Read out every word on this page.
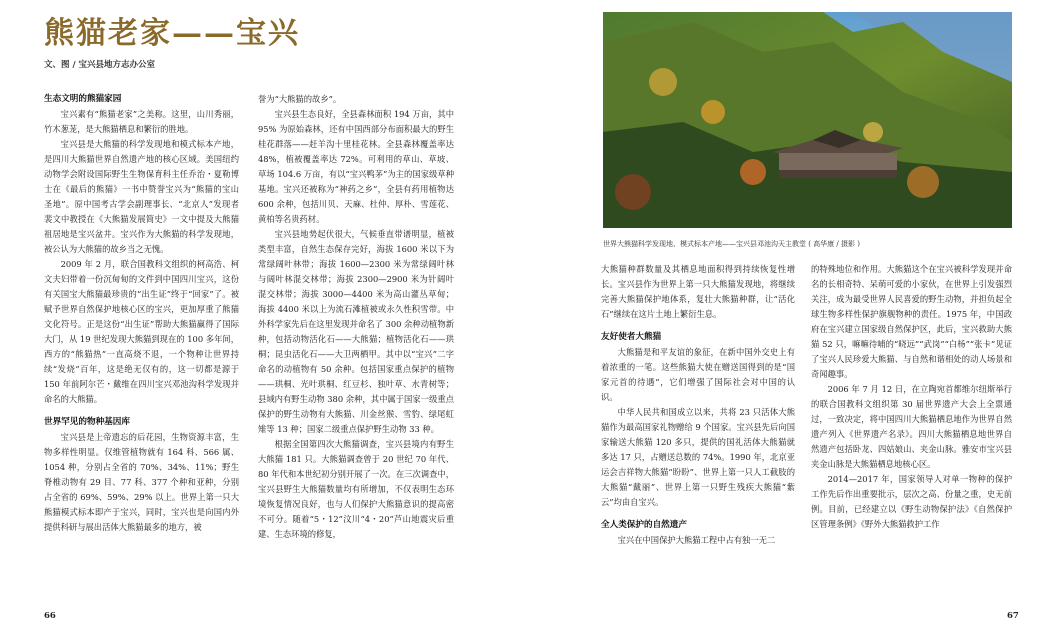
熊猫老家——宝兴
文、图 / 宝兴县地方志办公室
生态文明的熊猫家园

宝兴素有“熊猫老家”之美称。这里，山川秀丽，竹木葱茏，是大熊猫栖息和繁衍的胜地。

宝兴县是大熊猫的科学发现地和模式标本产地，是四川大熊猫世界自然遗产地的核心区域。美国纽约动物学会附设国际野生生物保育科主任乔治・夏勒博士在《最后的熊猫》一书中赞誉宝兴为“熊猫的宝山圣地”。原中国考古学会副理事长、“北京人”发现者裴文中教授在《大熊猫发展简史》一文中提及大熊猫祖居地是宝兴盆井。宝兴作为大熊猫的科学发现地，被公认为大熊猫的故乡当之无愧。

2009 年 2 月，联合国教科文组织的柯高浩、柯文夫妇带着一份沉甸甸的文件到中国四川宝兴，这份有关国宝大熊猫最珍贵的“出生证”终于“回家”了。被赋予世界自然保护地核心区的宝兴，更加厚重了熊猫文化符号。正是这份“出生证”帮助大熊猫赢得了国际大门，从 19 世纪发现大熊猫到现在的 100 多年间，西方的“熊猫热”一直高烧不退，一个物种让世界持续“发烧”百年，这是绝无仅有的，这一切都是源于 150 年前阿尔芒・戴维在四川宝兴邓池沟科学发现并命名的大熊猫。

世界罕见的物种基因库

宝兴县是上帝遗忘的后花园，生物资源丰富，生物多样性明显。仅维管植物就有 164 科、566 属、1054 种，分别占全省的 70%、34%、11%；野生脊椎动物有 29 目、77 科、377 个种和亚种，分别占全省的 69%、59%、29% 以上。世界上第一只大熊猫模式标本即产于宝兴，同时，宝兴也是向国内外提供科研与展出活体大熊猫最多的地方，被

誉为“大熊猫的故乡”。

宝兴县生态良好，全县森林面积 194 万亩，其中 95% 为原始森林，还有中国西部分布面积最大的野生桂花群落——赶羊沟十里桂花林。全县森林覆盖率达 48%，植被覆盖率达 72%。可利用的草山、草坡、草场 104.6 万亩，有以“宝兴鸭茅”为主的国家级草种基地。宝兴还被称为“神药之乡”，全县有药用植物达 600 余种，包括川贝、天麻、杜仲、厚朴、雪莲花、黄柏等名贵药材。

宝兴县地势起伏很大，气候垂直带谱明显，植被类型丰富，自然生态保存完好，海拔 1600 米以下为常绿阔叶林带；海拔 1600—2300 米为常绿阔叶林与阔叶林混交林带；海拔 2300—2900 米为针阔叶混交林带；海拔 3000—4400 米为高山灌丛草甸；海拔 4400 米以上为流石滩植被或永久性积雪带。中外科学家先后在这里发现并命名了 300 余种动植物新种，包括动物活化石——大熊猫；植物活化石——珙桐；昆虫活化石——大卫两栖甲。其中以“宝兴”二字命名的动植物有 50 余种。包括国家重点保护的植物——珙桐、光叶珙桐、红豆杉、独叶草、水青树等；县域内有野生动物 380 余种，其中属于国家一级重点保护的野生动物有大熊猫、川金丝猴、雪豹、绿尾虹雉等 13 种；国家二级重点保护野生动物 33 种。

根据全国第四次大熊猫调查，宝兴县境内有野生大熊猫 181 只。大熊猫调查曾于 20 世纪 70 年代、80 年代和本世纪初分别开展了一次。在三次调查中，宝兴县野生大熊猫数量均有所增加，不仅表明生态环境恢复情况良好，也与人们保护大熊猫意识的提高密不可分。随着“5・12”汶川“4・20”芦山地震灾后重建、生态环境的修复，

66
世界大熊猫科学发现地、模式标本产地——宝兴县邓池沟天主教堂 ( 高华康 / 摄影 )

大熊猫种群数量及其栖息地面积得到持续恢复性增长。宝兴县作为世界上第一只大熊猫发现地，将继续完善大熊猫保护地体系，复壮大熊猫种群，让“活化石”继续在这片土地上繁衍生息。

友好使者大熊猫

大熊猫是和平友谊的象征，在新中国外交史上有着浓重的一笔。这些熊猫大使在赠送国得到的是“国家元首的待遇”，它们增强了国际社会对中国的认识。

中华人民共和国成立以来，共将 23 只活体大熊猫作为最高国家礼物赠给 9 个国家。宝兴县先后向国家输送大熊猫 120 多只，提供的国礼活体大熊猫就多达 17 只，占赠送总数的 74%。1990 年，北京亚运会吉祥物大熊猫“盼盼”、世界上第一只人工截肢的大熊猫“戴丽”、世界上第一只野生残疾大熊猫“紫云”均由自宝兴。

全人类保护的自然遗产

宝兴在中国保护大熊猫工程中占有独一无二

的特殊地位和作用。大熊猫这个在宝兴被科学发现并命名的长相奇特、呆萌可爱的小家伙，在世界上引发强烈关注，成为最受世界人民喜爱的野生动物，并担负起全球生物多样性保护旗舰物种的责任。1975 年，中国政府在宝兴建立国家级自然保护区，此后，宝兴救助大熊猫 52 只，嘛嘛待哺的“晓远”“武岗”“白杨”“张卡”见证了宝兴人民珍爱大熊猫、与自然和谐相处的动人场景和奇闻趣事。

2006 年 7 月 12 日，在立陶宛首都维尔纽斯举行的联合国教科文组织第 30 届世界遗产大会上全票通过，一致决定，将中国四川大熊猫栖息地作为世界自然遗产列入《世界遗产名录》。四川大熊猫栖息地世界自然遗产包括卧龙、四姑娘山、夹金山脉。雅安市宝兴县夹金山脉是大熊猫栖息地核心区。

2014—2017 年，国家领导人对单一物种的保护工作先后作出重要批示，层次之高、份量之重，史无前例。目前，已经建立以《野生动物保护法》《自然保护区管理条例》《野外大熊猫救护工作

67
